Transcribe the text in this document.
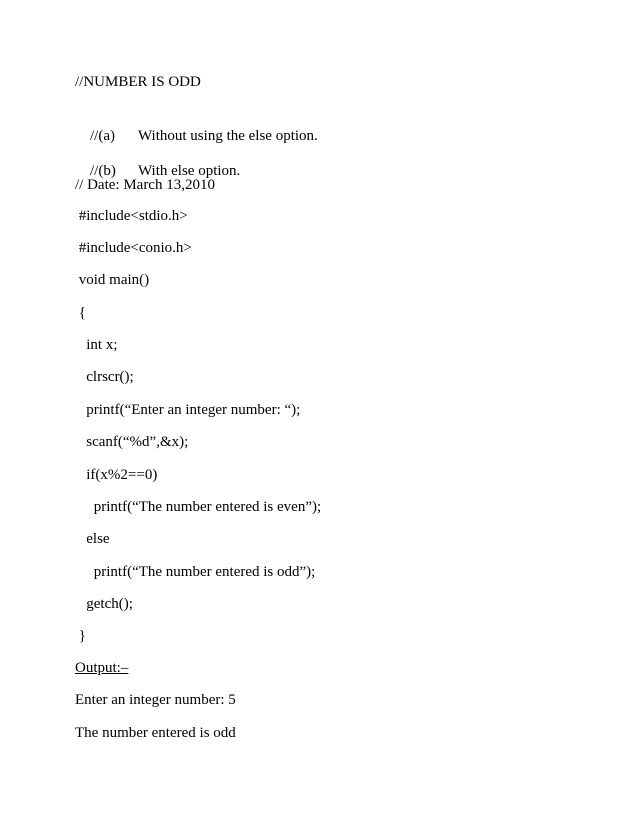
//NUMBER IS ODD

//(a) Without using the else option.

//(b) With else option.

// Date: March 13,2010
#include<stdio.h>
#include<conio.h>
void main()
{
int x;
clrscr();
printf(“Enter an integer number: “);
scanf(“%d”,&x);
if(x%2==0)
printf(“The number entered is even”);
else
printf(“The number entered is odd”);
getch();
}
Output:–
Enter an integer number: 5
The number entered is odd
